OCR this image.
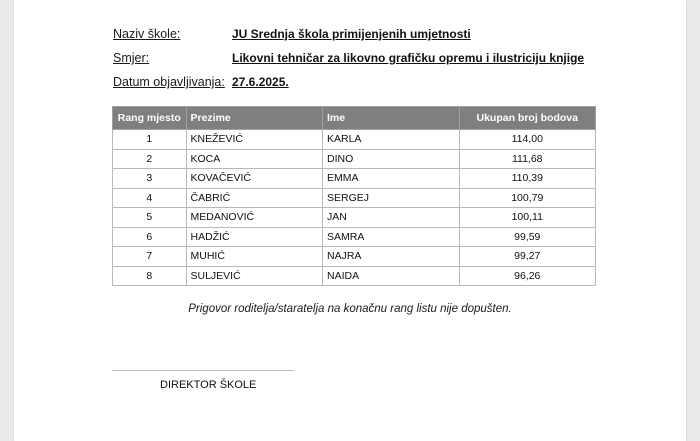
Naziv škole:	JU Srednja škola primijenjenih umjetnosti
Smjer:	Likovni tehničar za likovno grafičku opremu i ilustriciju knjige
Datum objavljivanja: 27.6.2025.
Rang mjesto	Prezime	Ime	Ukupan broj bodova
1	KNEŽEVIĆ	KARLA	114,00
2	KOCA	DINO	111,68
3	KOVAČEVIĆ	EMMA	110,39
4	ČABRIĆ	SERGEJ	100,79
5	MEDANOVIĆ	JAN	100,11
6	HADŽIĆ	SAMRA	99,59
7	MUHIĆ	NAJRA	99,27
8	SULJEVIĆ	NAIDA	96,26
Prigovor roditelja/staratelja na konačnu rang listu nije dopušten.
DIREKTOR ŠKOLE
